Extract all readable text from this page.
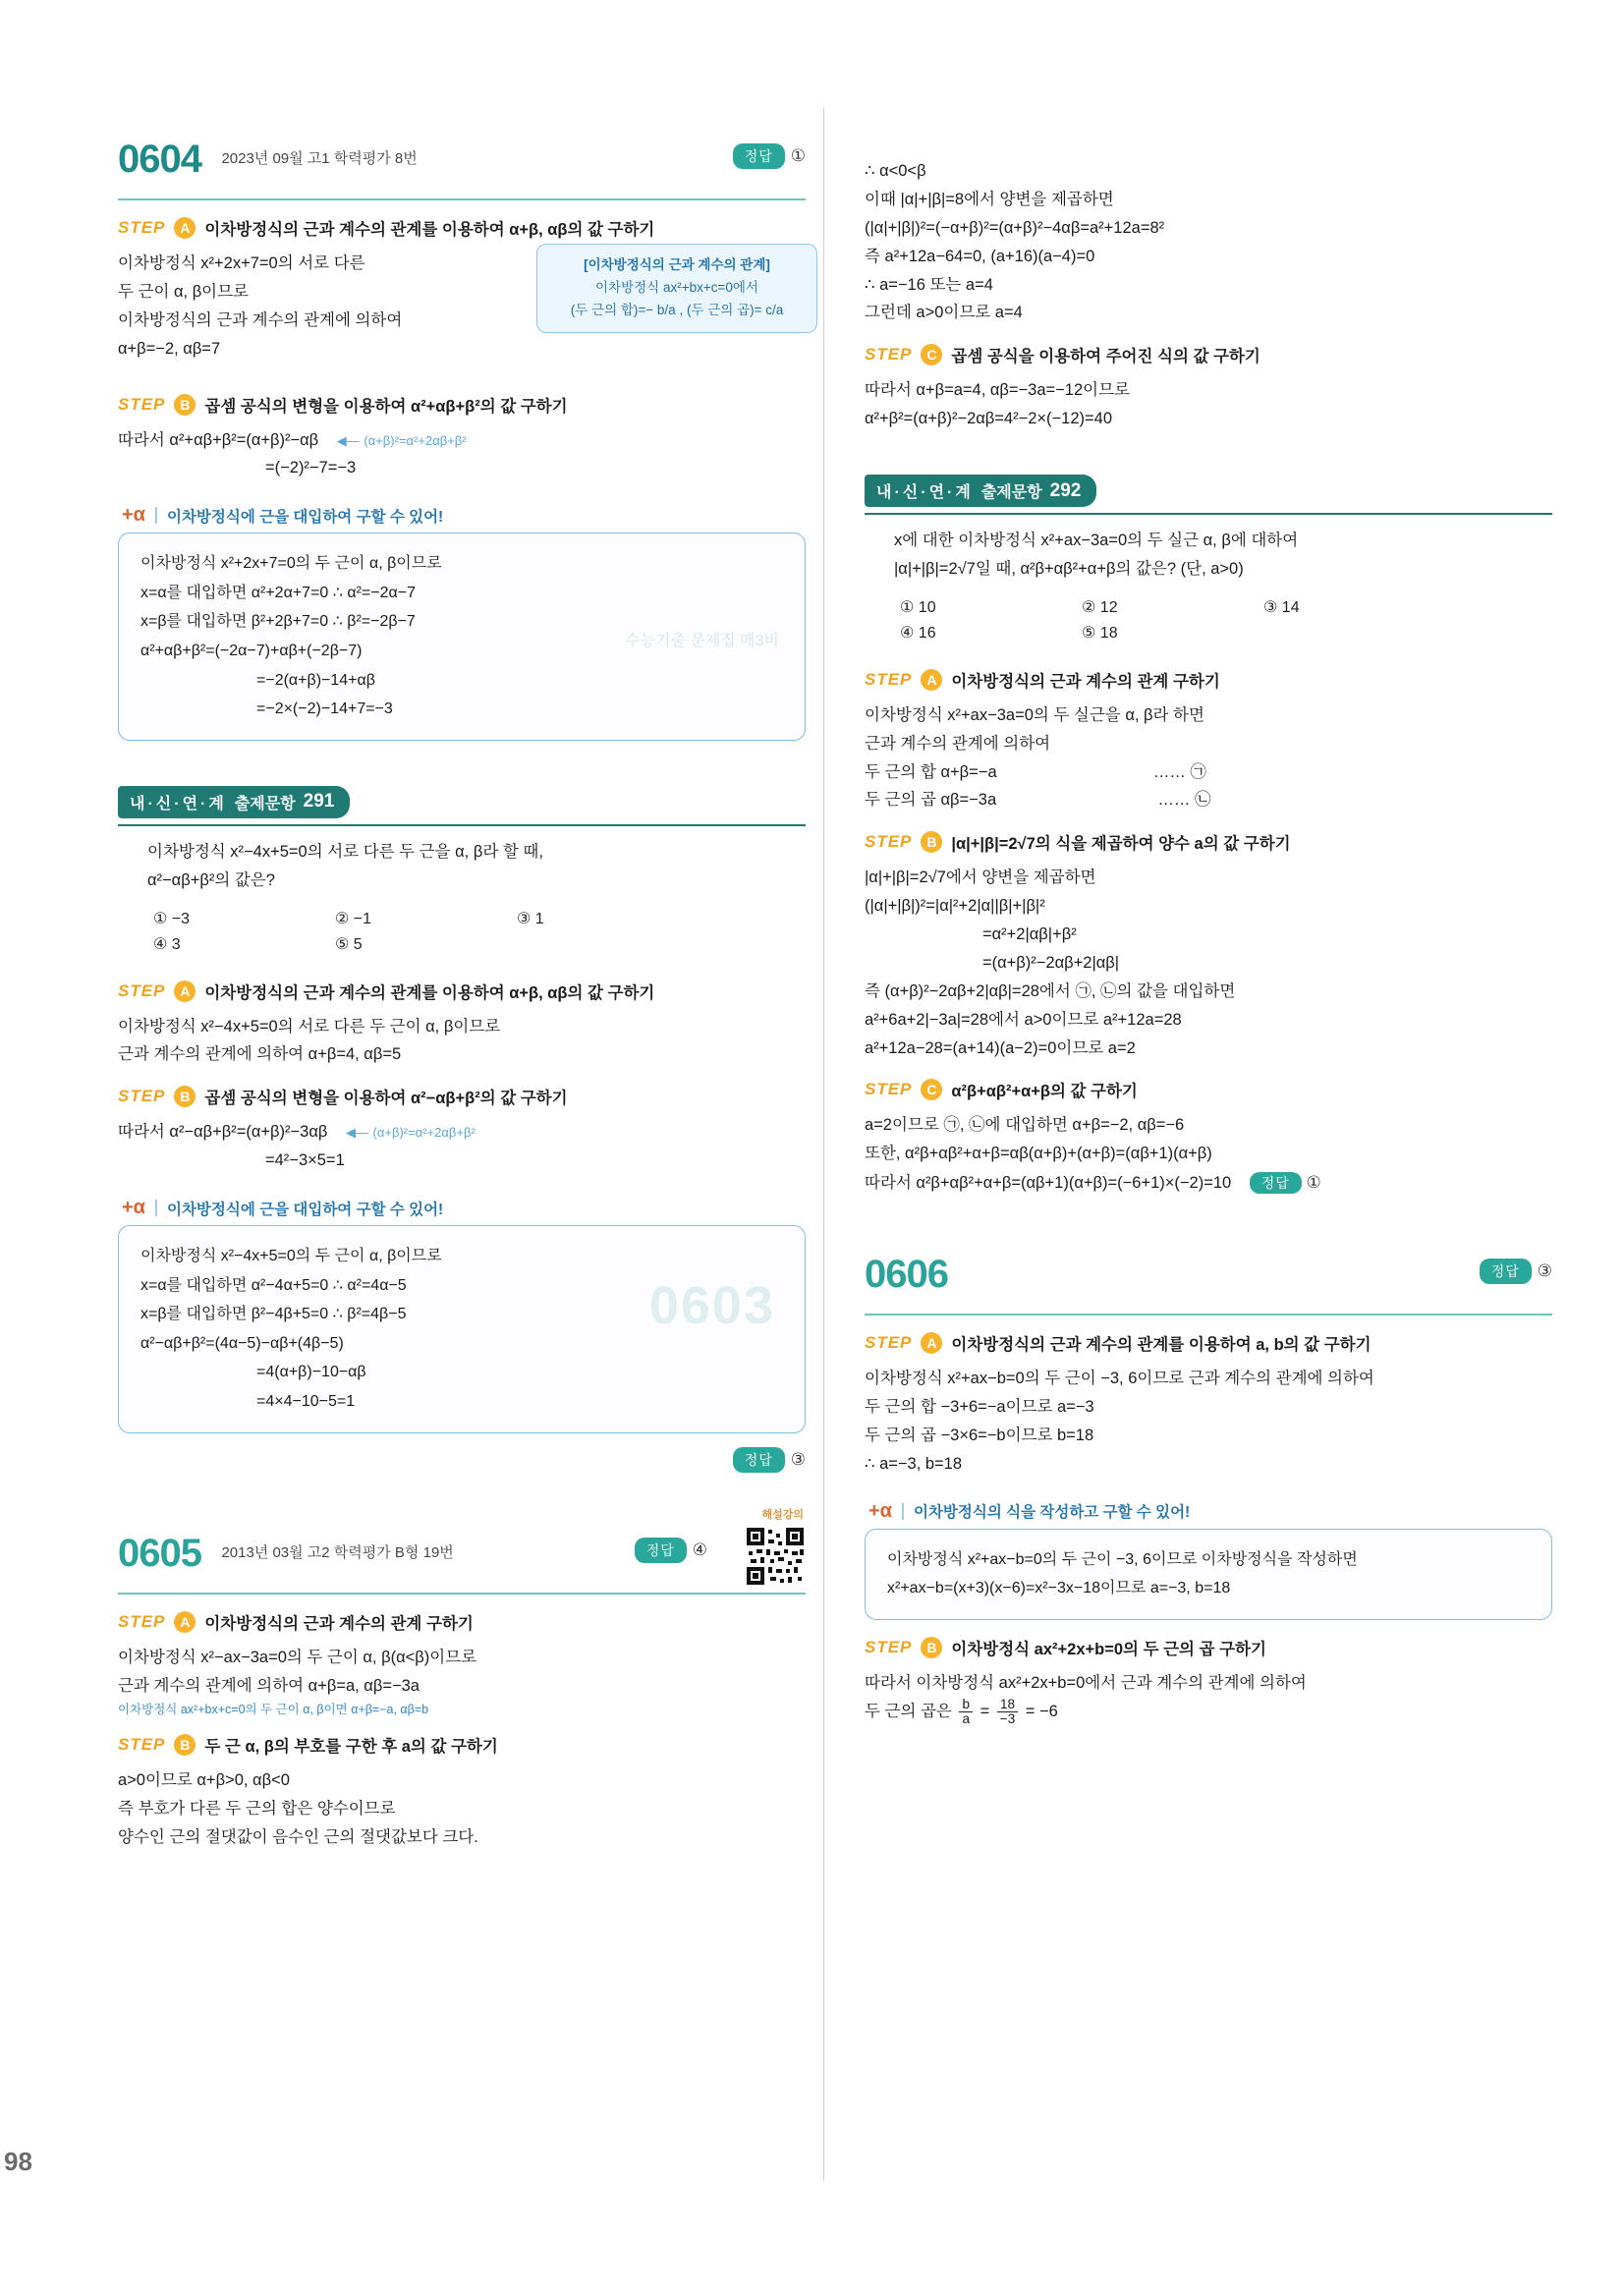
98
0604 2023년 09월 고1 학력평가 8번	정답	①
STEP	A 이차방정식의 근과 계수의 관계를 이용하여 α+β, αβ의 값 구하기
이차방정식 x²+2x+7=0의 서로 다른
두 근이 α, β이므로
이차방정식의 근과 계수의 관계에 의하여
α+β=−2, αβ=7
[이차방정식의 근과 계수의 관계]
이차방정식 ax²+bx+c=0에서
(두 근의 합)=− b/a , (두 근의 곱)= c/a
STEP	B 곱셈 공식의 변형을 이용하여 α²+αβ+β²의 값 구하기
따라서 α²+αβ+β²=(α+β)²−αβ ◀— (α+β)²=α²+2αβ+β²
=(−2)²−7=−3
+α 이차방정식에 근을 대입하여 구할 수 있어!
수능기출 문제집 매3비
이차방정식 x²+2x+7=0의 두 근이 α, β이므로
x=α를 대입하면 α²+2α+7=0 ∴ α²=−2α−7
x=β를 대입하면 β²+2β+7=0 ∴ β²=−2β−7
α²+αβ+β²=(−2α−7)+αβ+(−2β−7)
=−2(α+β)−14+αβ
=−2×(−2)−14+7=−3
내·신·연·계 출제문항 291
이차방정식 x²−4x+5=0의 서로 다른 두 근을 α, β라 할 때,
α²−αβ+β²의 값은?
① −3	② −1	③ 1
④ 3	⑤ 5
STEP	A 이차방정식의 근과 계수의 관계를 이용하여 α+β, αβ의 값 구하기
이차방정식 x²−4x+5=0의 서로 다른 두 근이 α, β이므로
근과 계수의 관계에 의하여 α+β=4, αβ=5
STEP	B 곱셈 공식의 변형을 이용하여 α²−αβ+β²의 값 구하기
따라서 α²−αβ+β²=(α+β)²−3αβ ◀— (α+β)²=α²+2αβ+β²
=4²−3×5=1
+α 이차방정식에 근을 대입하여 구할 수 있어!
0603
이차방정식 x²−4x+5=0의 두 근이 α, β이므로
x=α를 대입하면 α²−4α+5=0 ∴ α²=4α−5
x=β를 대입하면 β²−4β+5=0 ∴ β²=4β−5
α²−αβ+β²=(4α−5)−αβ+(4β−5)
=4(α+β)−10−αβ
=4×4−10−5=1
정답	③
0605 2013년 03월 고2 학력평가 B형 19번	정답	④
해설강의
STEP	A 이차방정식의 근과 계수의 관계 구하기
이차방정식 x²−ax−3a=0의 두 근이 α, β(α<β)이므로
근과 계수의 관계에 의하여 α+β=a, αβ=−3a
이차방정식 ax²+bx+c=0의 두 근이 α, β이면 α+β=−a, αβ=b
STEP	B 두 근 α, β의 부호를 구한 후 a의 값 구하기
a>0이므로 α+β>0, αβ<0
즉 부호가 다른 두 근의 합은 양수이므로
양수인 근의 절댓값이 음수인 근의 절댓값보다 크다.
∴ α<0<β
이때 |α|+|β|=8에서 양변을 제곱하면
(|α|+|β|)²=(−α+β)²=(α+β)²−4αβ=a²+12a=8²
즉 a²+12a−64=0, (a+16)(a−4)=0
∴ a=−16 또는 a=4
그런데 a>0이므로 a=4
STEP	C 곱셈 공식을 이용하여 주어진 식의 값 구하기
따라서 α+β=a=4, αβ=−3a=−12이므로
α²+β²=(α+β)²−2αβ=4²−2×(−12)=40
내·신·연·계 출제문항 292
x에 대한 이차방정식 x²+ax−3a=0의 두 실근 α, β에 대하여
|α|+|β|=2√7일 때, α²β+αβ²+α+β의 값은? (단, a>0)
① 10	② 12	③ 14
④ 16	⑤ 18
STEP	A 이차방정식의 근과 계수의 관계 구하기
이차방정식 x²+ax−3a=0의 두 실근을 α, β라 하면
근과 계수의 관계에 의하여
두 근의 합 α+β=−a	…… ㉠
두 근의 곱 αβ=−3a	…… ㉡
STEP	B |α|+|β|=2√7의 식을 제곱하여 양수 a의 값 구하기
|α|+|β|=2√7에서 양변을 제곱하면
(|α|+|β|)²=|α|²+2|α||β|+|β|²
=α²+2|αβ|+β²
=(α+β)²−2αβ+2|αβ|
즉 (α+β)²−2αβ+2|αβ|=28에서 ㉠, ㉡의 값을 대입하면
a²+6a+2|−3a|=28에서 a>0이므로 a²+12a=28
a²+12a−28=(a+14)(a−2)=0이므로 a=2
STEP	C α²β+αβ²+α+β의 값 구하기
a=2이므로 ㉠, ㉡에 대입하면 α+β=−2, αβ=−6
또한, α²β+αβ²+α+β=αβ(α+β)+(α+β)=(αβ+1)(α+β)
따라서 α²β+αβ²+α+β=(αβ+1)(α+β)=(−6+1)×(−2)=10 정답 ①
0606	정답	③
STEP	A 이차방정식의 근과 계수의 관계를 이용하여 a, b의 값 구하기
이차방정식 x²+ax−b=0의 두 근이 −3, 6이므로 근과 계수의 관계에 의하여
두 근의 합 −3+6=−a이므로 a=−3
두 근의 곱 −3×6=−b이므로 b=18
∴ a=−3, b=18
+α 이차방정식의 식을 작성하고 구할 수 있어!
이차방정식 x²+ax−b=0의 두 근이 −3, 6이므로 이차방정식을 작성하면
x²+ax−b=(x+3)(x−6)=x²−3x−18이므로 a=−3, b=18
STEP	B 이차방정식 ax²+2x+b=0의 두 근의 곱 구하기
따라서 이차방정식 ax²+2x+b=0에서 근과 계수의 관계에 의하여
두 근의 곱은 $\frac{b}{a} = \frac{18}{-3} = -6$
